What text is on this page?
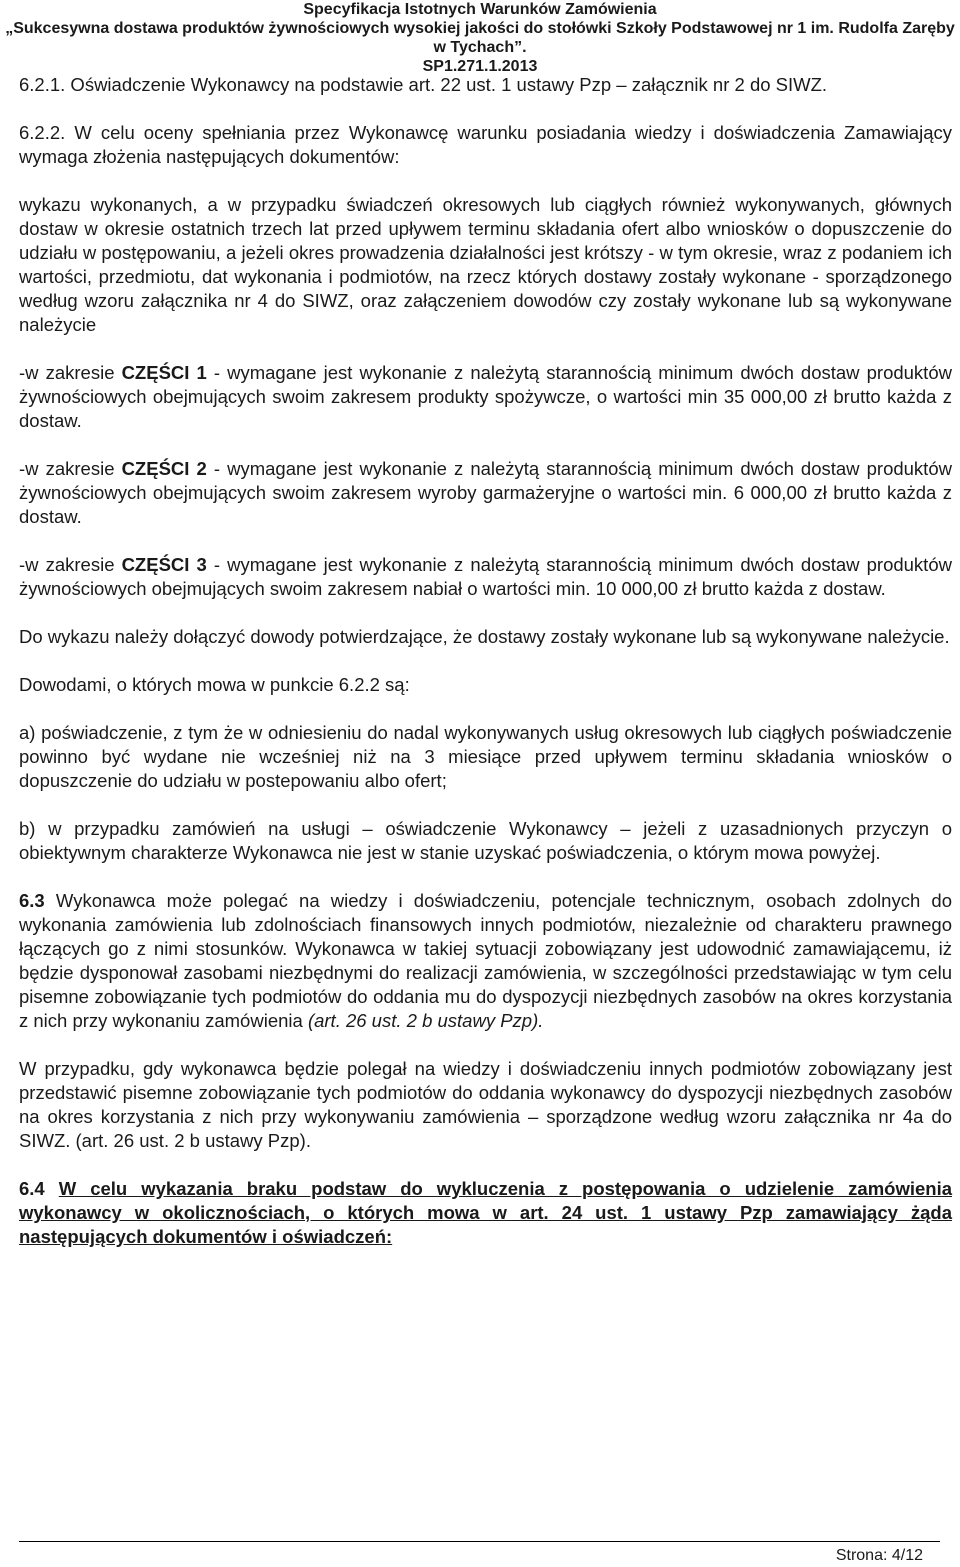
Specyfikacja Istotnych Warunków Zamówienia
„Sukcesywna dostawa produktów żywnościowych wysokiej jakości do stołówki Szkoły Podstawowej nr 1 im. Rudolfa Zaręby
w Tychach”.
SP1.271.1.2013

6.2.1. Oświadczenie Wykonawcy na podstawie art. 22 ust. 1 ustawy Pzp – załącznik nr 2 do SIWZ.

6.2.2. W celu oceny spełniania przez Wykonawcę warunku posiadania wiedzy i doświadczenia Zamawiający wymaga złożenia następujących dokumentów:

wykazu wykonanych, a w przypadku świadczeń okresowych lub ciągłych również wykonywanych, głównych dostaw w okresie ostatnich trzech lat przed upływem terminu składania ofert albo wniosków o dopuszczenie do udziału w postępowaniu, a jeżeli okres prowadzenia działalności jest krótszy - w tym okresie, wraz z podaniem ich wartości, przedmiotu, dat wykonania i podmiotów, na rzecz których dostawy zostały wykonane - sporządzonego według wzoru załącznika nr 4 do SIWZ, oraz załączeniem dowodów czy zostały wykonane lub są wykonywane należycie

-w zakresie CZĘŚCI 1 - wymagane jest wykonanie z należytą starannością minimum dwóch dostaw produktów żywnościowych obejmujących swoim zakresem produkty spożywcze, o wartości min 35 000,00 zł brutto każda z dostaw.

-w zakresie CZĘŚCI 2 - wymagane jest wykonanie z należytą starannością minimum dwóch dostaw produktów żywnościowych obejmujących swoim zakresem wyroby garmażeryjne o wartości min. 6 000,00 zł brutto każda z dostaw.

-w zakresie CZĘŚCI 3 - wymagane jest wykonanie z należytą starannością minimum dwóch dostaw produktów żywnościowych obejmujących swoim zakresem nabiał o wartości min. 10 000,00 zł brutto każda z dostaw.

Do wykazu należy dołączyć dowody potwierdzające, że dostawy zostały wykonane lub są wykonywane należycie.

Dowodami, o których mowa w punkcie 6.2.2 są:

a) poświadczenie, z tym że w odniesieniu do nadal wykonywanych usług okresowych lub ciągłych poświadczenie powinno być wydane nie wcześniej niż na 3 miesiące przed upływem terminu składania wniosków o dopuszczenie do udziału w postepowaniu albo ofert;

b) w przypadku zamówień na usługi – oświadczenie Wykonawcy – jeżeli z uzasadnionych przyczyn o obiektywnym charakterze Wykonawca nie jest w stanie uzyskać poświadczenia, o którym mowa powyżej.

6.3 Wykonawca może polegać na wiedzy i doświadczeniu, potencjale technicznym, osobach zdolnych do wykonania zamówienia lub zdolnościach finansowych innych podmiotów, niezależnie od charakteru prawnego łączących go z nimi stosunków. Wykonawca w takiej sytuacji zobowiązany jest udowodnić zamawiającemu, iż będzie dysponował zasobami niezbędnymi do realizacji zamówienia, w szczególności przedstawiając w tym celu pisemne zobowiązanie tych podmiotów do oddania mu do dyspozycji niezbędnych zasobów na okres korzystania z nich przy wykonaniu zamówienia (art. 26 ust. 2 b ustawy Pzp).

W przypadku, gdy wykonawca będzie polegał na wiedzy i doświadczeniu innych podmiotów zobowiązany jest przedstawić pisemne zobowiązanie tych podmiotów do oddania wykonawcy do dyspozycji niezbędnych zasobów na okres korzystania z nich przy wykonywaniu zamówienia – sporządzone według wzoru załącznika nr 4a do SIWZ. (art. 26 ust. 2 b ustawy Pzp).

6.4 W celu wykazania braku podstaw do wykluczenia z postępowania o udzielenie zamówienia wykonawcy w okolicznościach, o których mowa w art. 24 ust. 1 ustawy Pzp zamawiający żąda następujących dokumentów i oświadczeń:

Strona: 4/12
